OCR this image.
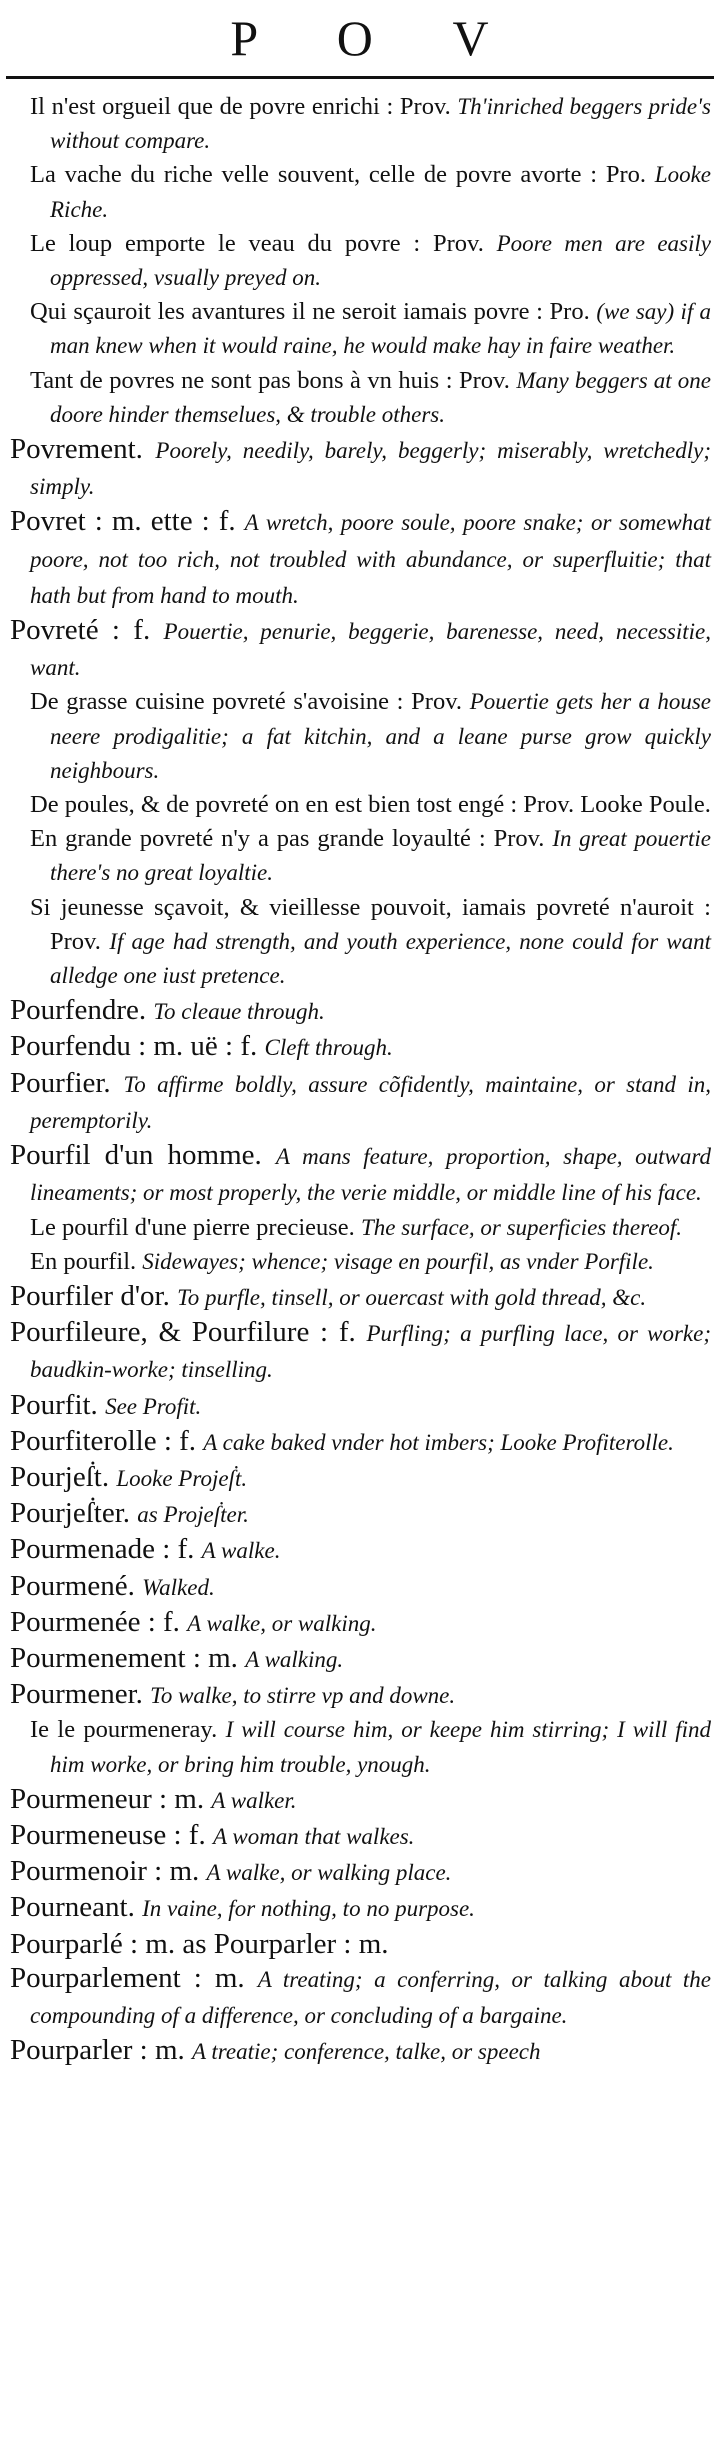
P O V
Il n'est orgueil que de povre enrichi : Prov. Th'inriched beggers pride's without compare.
La vache du riche velle souvent, celle de povre avorte : Pro. Looke Riche.
Le loup emporte le veau du povre : Prov. Poore men are easily oppressed, vsually preyed on.
Qui sçauroit les avantures il ne seroit iamais povre : Pro. (we say) if a man knew when it would raine, he would make hay in faire weather.
Tant de povres ne sont pas bons à vn huis : Prov. Many beggers at one doore hinder themselues, & trouble others.
Povrement. Poorely, needily, barely, beggerly; miserably, wretchedly; simply.
Povret : m. ette : f. A wretch, poore soule, poore snake; or somewhat poore, not too rich, not troubled with abundance, or superfluitie; that hath but from hand to mouth.
Povreté : f. Pouertie, penurie, beggerie, barenesse, need, necessitie, want.
De grasse cuisine povreté s'avoisine : Prov. Pouertie gets her a house neere prodigalitie; a fat kitchin, and a leane purse grow quickly neighbours.
De poules, & de povreté on en est bien tost engé : Prov. Looke Poule.
En grande povreté n'y a pas grande loyaulté : Prov. In great pouertie there's no great loyaltie.
Si jeunesse sçavoit, & vieillesse pouvoit, iamais povreté n'auroit : Prov. If age had strength, and youth experience, none could for want alledge one iust pretence.
Pourfendre. To cleaue through.
Pourfendu : m. uë : f. Cleft through.
Pourfier. To affirme boldly, assure cõfidently, maintaine, or stand in, peremptorily.
Pourfil d'un homme. A mans feature, proportion, shape, outward lineaments; or most properly, the verie middle, or middle line of his face.
Le pourfil d'une pierre precieuse. The surface, or superficies thereof.
En pourfil. Sidewayes; whence; visage en pourfil, as vnder Porfile.
Pourfiler d'or. To purfle, tinsell, or ouercast with gold thread, &c.
Pourfileure, & Pourfilure : f. Purfling; a purfling lace, or worke; baudkin-worke; tinselling.
Pourfit. See Profit.
Pourfiterolle : f. A cake baked vnder hot imbers; Looke Profiterolle.
Pourjeẛt. Looke Projeẛt.
Pourjeẛter. as Projeẛter.
Pourmenade : f. A walke.
Pourmené. Walked.
Pourmenée : f. A walke, or walking.
Pourmenement : m. A walking.
Pourmener. To walke, to stirre vp and downe.
Ie le pourmeneray. I will course him, or keepe him stirring; I will find him worke, or bring him trouble, ynough.
Pourmeneur : m. A walker.
Pourmeneuse : f. A woman that walkes.
Pourmenoir : m. A walke, or walking place.
Pourneant. In vaine, for nothing, to no purpose.
Pourparlé : m. as Pourparler : m.
Pourparlement : m. A treating; a conferring, or talking about the compounding of a difference, or concluding of a bargaine.
Pourparler : m. A treatie; conference, talke, or speech
